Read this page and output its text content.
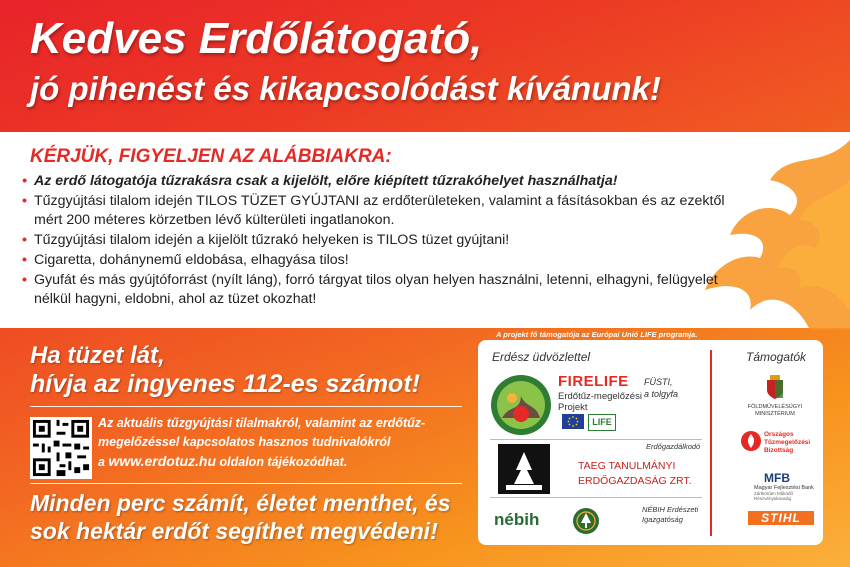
Kedves Erdőlátogató,
jó pihenést és kikapcsolódást kívánunk!
KÉRJÜK, FIGYELJEN AZ ALÁBBIAKRA:
• Az erdő látogatója tűzrakásra csak a kijelölt, előre kiépített tűzrakóhelyet használhatja!
• Tűzgyújtási tilalom idején TILOS TÜZET GYÚJTANI az erdőterületeken, valamint a fásításokban és az ezektől mért 200 méteres körzetben lévő külterületi ingatlanokon.
• Tűzgyújtási tilalom idején a kijelölt tűzrakó helyeken is TILOS tüzet gyújtani!
• Cigaretta, dohánynemű eldobása, elhagyása tilos!
• Gyufát és más gyújtóforrást (nyílt láng), forró tárgyat tilos olyan helyen használni, letenni, elhagyni, felügyelet nélkül hagyni, eldobni, ahol az tüzet okozhat!
Ha tüzet lát,
hívja az ingyenes 112-es számot!
Az aktuális tűzgyújtási tilalmakról, valamint az erdőtűz-
megelőzéssel kapcsolatos hasznos tudnivalókról
a www.erdotuz.hu oldalon tájékozódhat.
Minden perc számít, életet menthet, és
sok hektár erdőt segíthet megvédeni!
A projekt fő támogatója az Európai Unió LIFE programja.
Erdész üdvözlettel	Támogatók
FIRELIFE
Erdőtűz-megelőzési
Projekt
LIFE
FÜSTI,
a tolgyfa
Erdőgazdálkodó
TAEG TANULMÁNYI
ERDŐGAZDASÁG ZRT.
nébih
NÉBIH Erdészeti
Igazgatóság
FÖLDMŰVELÉSÜGYI
MINISZTÉRIUM
Országos
Tűzmegelőzési
Bizottság
MFB
Magyar Fejlesztési Bank
Zártkörűen Működő Részvénytársaság
STIHL
